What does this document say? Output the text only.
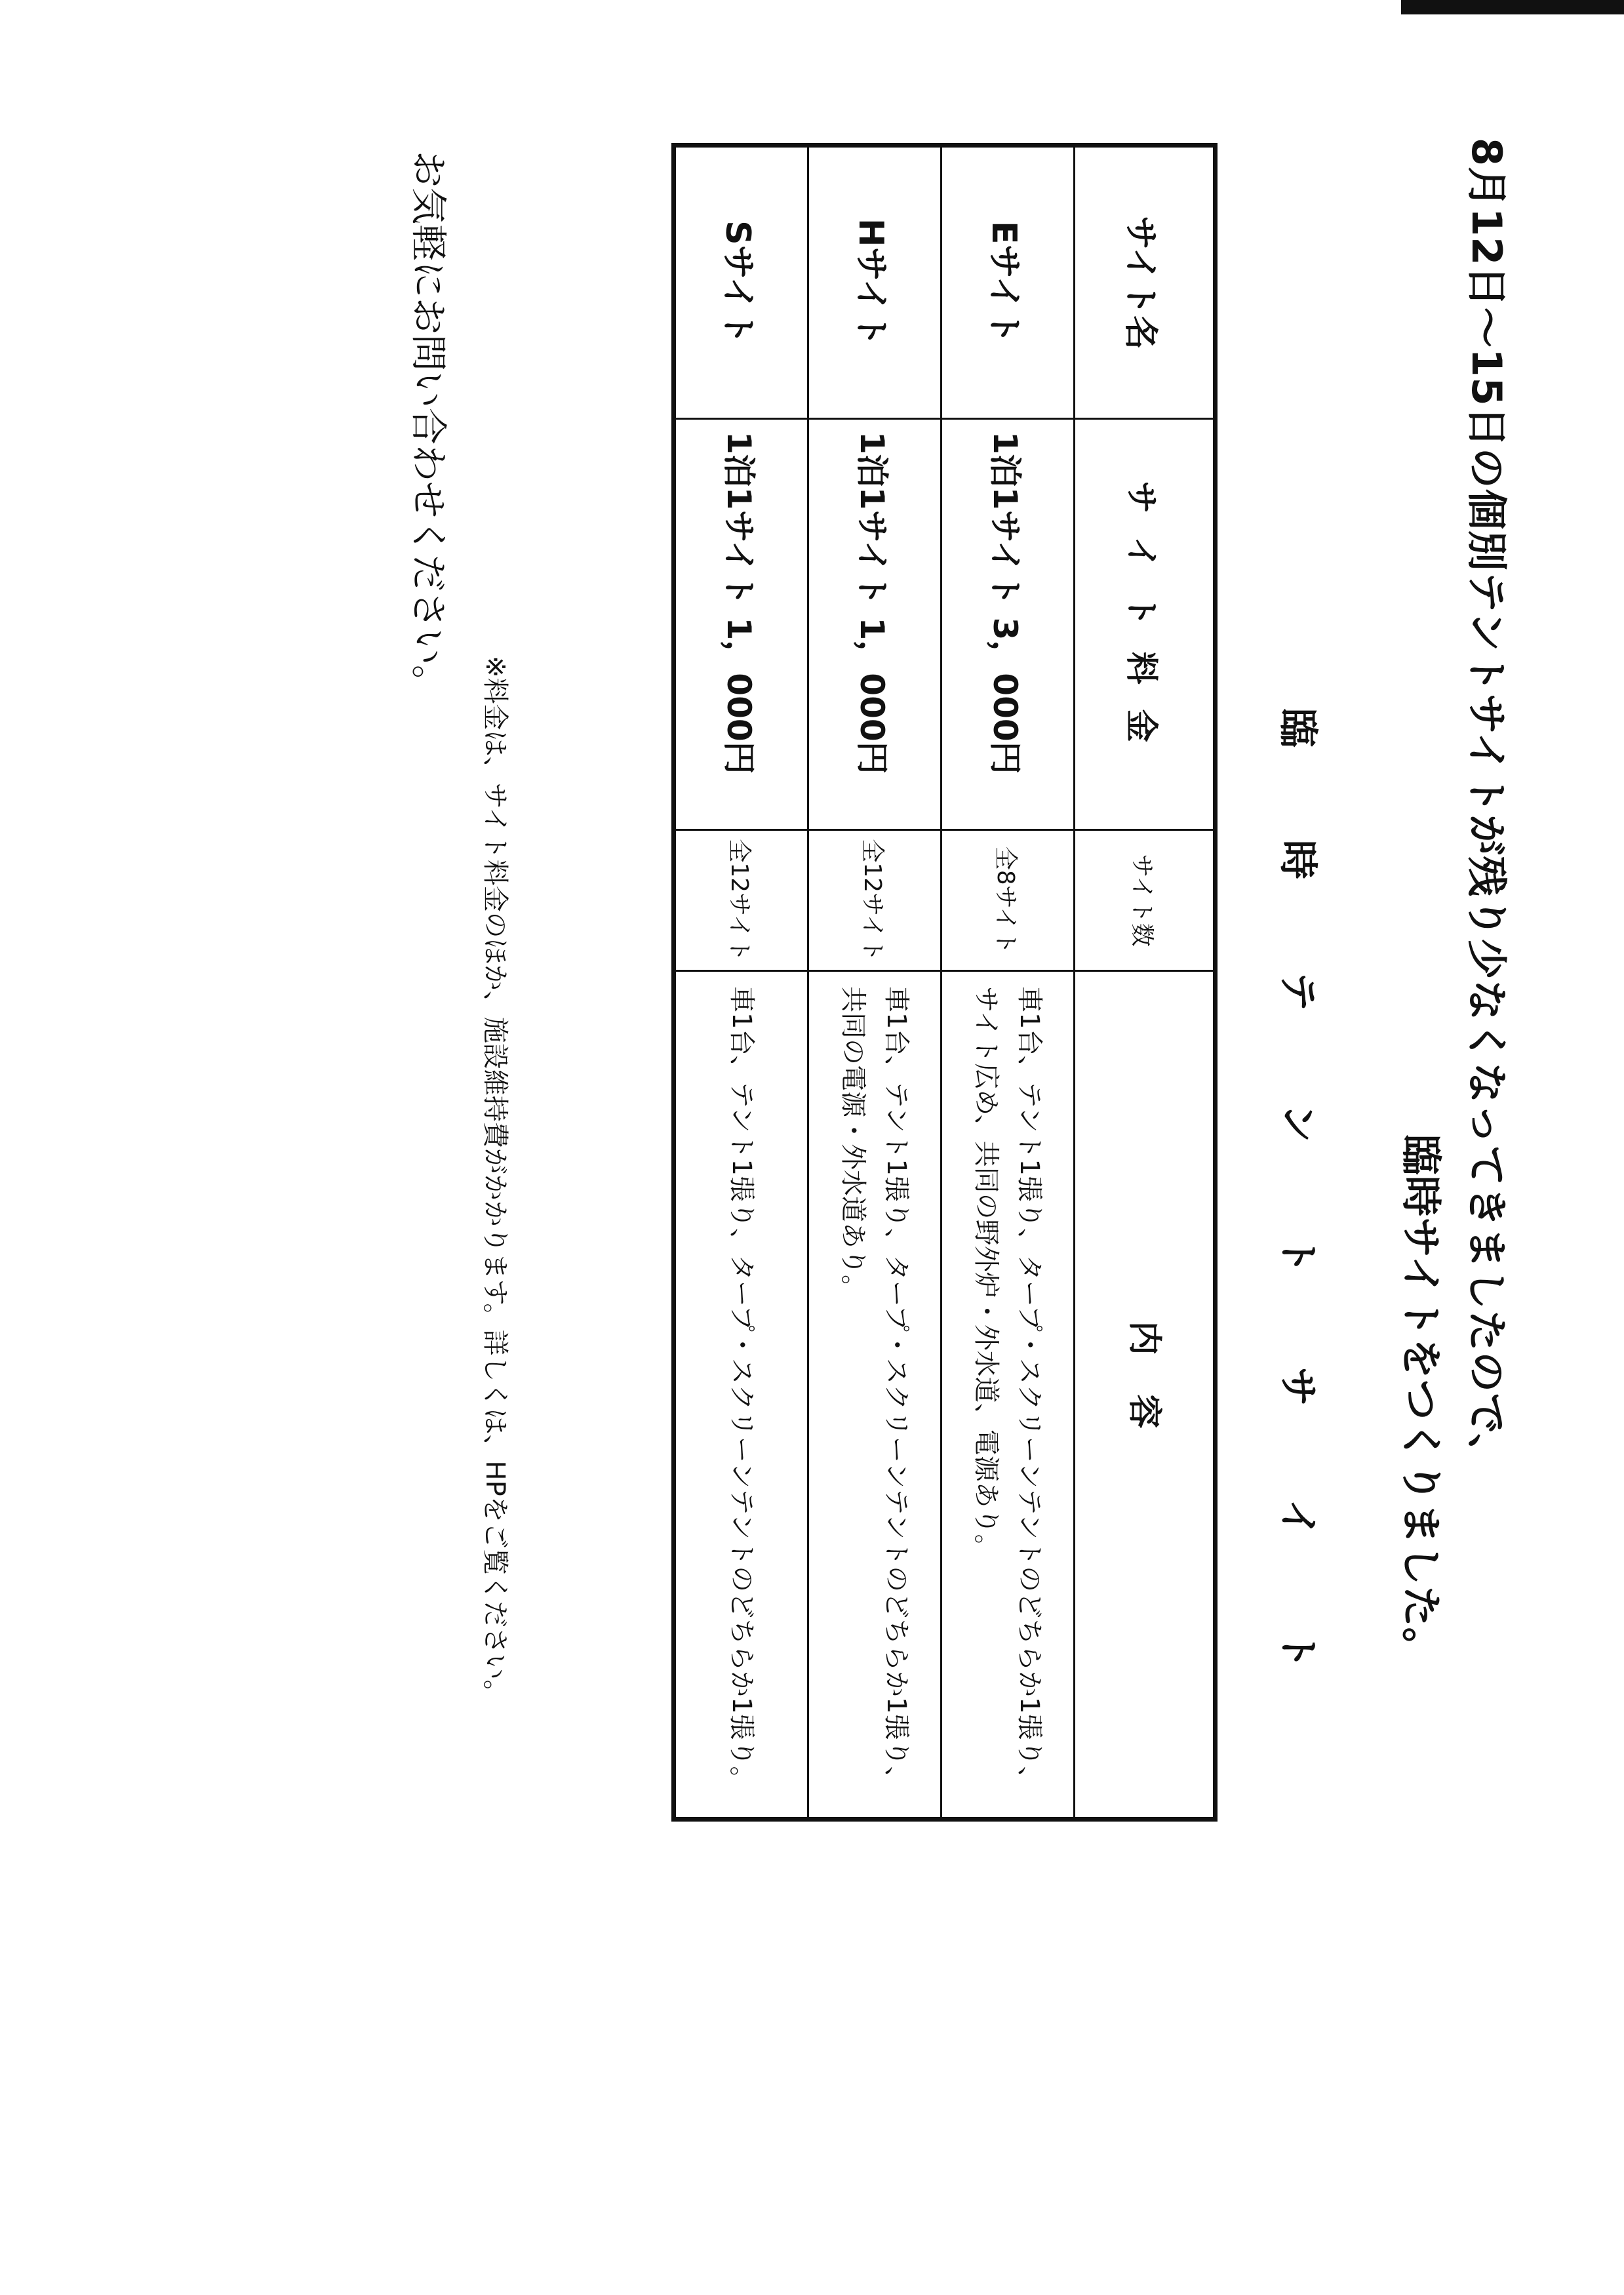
8月12日～15日の個別テントサイトが残り少なくなってきましたので、
臨時サイトをつくりました。
臨 時 テ ン ト サ イ ト
サイト名	サイト料金	サイト数	内容
Eサイト	1泊1サイト 3，000円	全8サイト	車1台、テント1張り、タープ・スクリーンテントのどちらか1張り、
サイト広め、共同の野外炉・外水道、電源あり。

Hサイト	1泊1サイト 1，000円	全12サイト	車1台、テント1張り、タープ・スクリーンテントのどちらか1張り、
共同の電源・外水道あり。

Sサイト	1泊1サイト 1，000円	全12サイト	車1台、テント1張り、タープ・スクリーンテントのどちらか1張り。
※料金は、サイト料金のほか、施設維持費がかかります。詳しくは、HPをご覧ください。
お気軽にお問い合わせください。
